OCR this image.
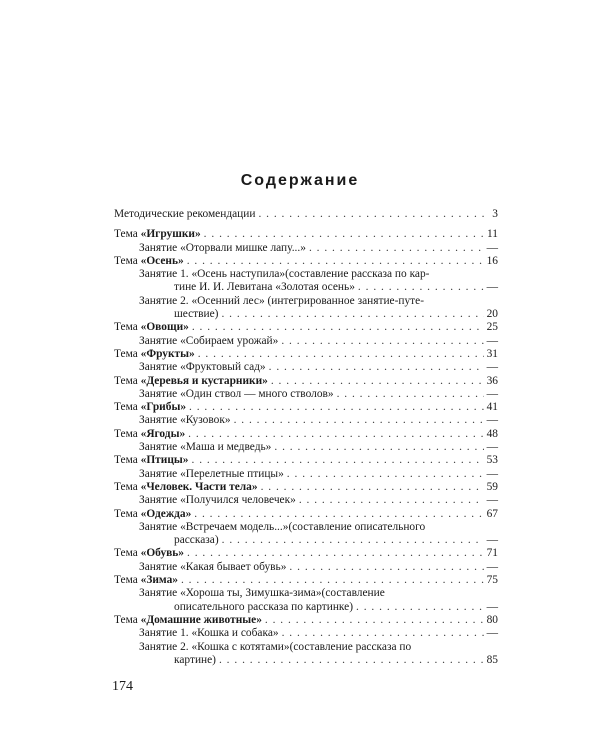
Содержание
Методические рекомендации . . .	3
Тема «Игрушки» . . .	11
Занятие «Оторвали мишке лапу...» . . .	—
Тема «Осень» . . .	16
Занятие 1. «Осень наступила»(составление рассказа по кар-
тине И. И. Левитана «Золотая осень» . . .	—
Занятие 2. «Осенний лес» (интегрированное занятие-путе-
шествие) . . .	20
Тема «Овощи» . . .	25
Занятие «Собираем урожай» . . .	—
Тема «Фрукты» . . .	31
Занятие «Фруктовый сад» . . .	—
Тема «Деревья и кустарники» . . .	36
Занятие «Один ствол — много стволов» . . .	—
Тема «Грибы» . . .	41
Занятие «Кузовок» . . .	—
Тема «Ягоды» . . .	48
Занятие «Маша и медведь» . . .	—
Тема «Птицы» . . .	53
Занятие «Перелетные птицы» . . .	—
Тема «Человек. Части тела» . . .	59
Занятие «Получился человечек» . . .	—
Тема «Одежда» . . .	67
Занятие «Встречаем модель...»(составление описательного
рассказа) . . .	—
Тема «Обувь» . . .	71
Занятие «Какая бывает обувь» . . .	—
Тема «Зима» . . .	75
Занятие «Хороша ты, Зимушка-зима»(составление
описательного рассказа по картинке) . . .	—
Тема «Домашние животные» . . .	80
Занятие 1. «Кошка и собака» . . .	—
Занятие 2. «Кошка с котятами»(составление рассказа по
картине) . . .	85
174
